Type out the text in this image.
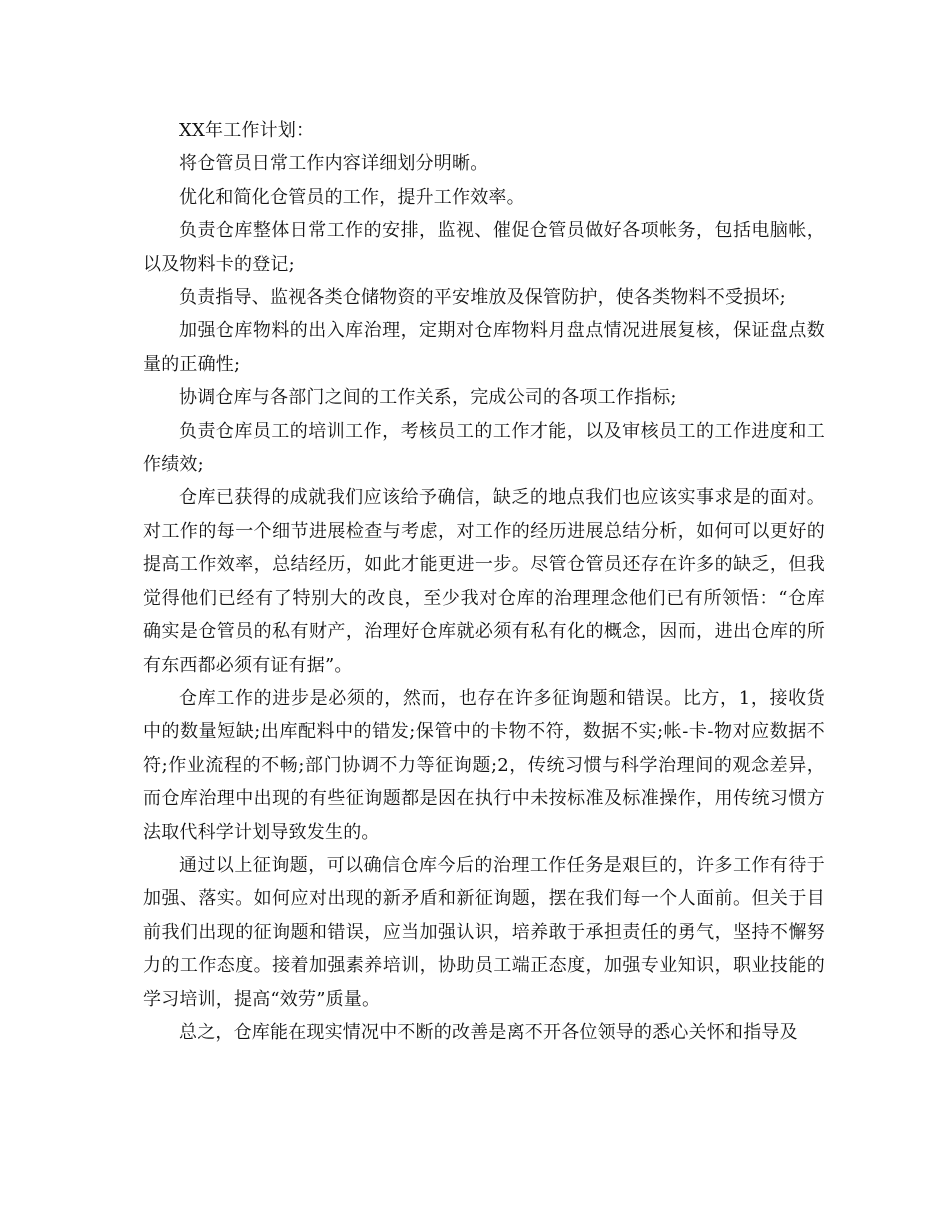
XX年工作计划：

将仓管员日常工作内容详细划分明晰。

优化和简化仓管员的工作，提升工作效率。

负责仓库整体日常工作的安排，监视、催促仓管员做好各项帐务，包括电脑帐，以及物料卡的登记;

负责指导、监视各类仓储物资的平安堆放及保管防护，使各类物料不受损坏;

加强仓库物料的出入库治理，定期对仓库物料月盘点情况进展复核，保证盘点数量的正确性;

协调仓库与各部门之间的工作关系，完成公司的各项工作指标;

负责仓库员工的培训工作，考核员工的工作才能，以及审核员工的工作进度和工作绩效;

仓库已获得的成就我们应该给予确信，缺乏的地点我们也应该实事求是的面对。对工作的每一个细节进展检查与考虑，对工作的经历进展总结分析，如何可以更好的提高工作效率，总结经历，如此才能更进一步。尽管仓管员还存在许多的缺乏，但我觉得他们已经有了特别大的改良，至少我对仓库的治理理念他们已有所领悟：“仓库确实是仓管员的私有财产，治理好仓库就必须有私有化的概念，因而，进出仓库的所有东西都必须有证有据”。

仓库工作的进步是必须的，然而，也存在许多征询题和错误。比方，1，接收货中的数量短缺;出库配料中的错发;保管中的卡物不符，数据不实;帐-卡-物对应数据不符;作业流程的不畅;部门协调不力等征询题;2，传统习惯与科学治理间的观念差异，而仓库治理中出现的有些征询题都是因在执行中未按标准及标准操作，用传统习惯方法取代科学计划导致发生的。

通过以上征询题，可以确信仓库今后的治理工作任务是艰巨的，许多工作有待于加强、落实。如何应对出现的新矛盾和新征询题，摆在我们每一个人面前。但关于目前我们出现的征询题和错误，应当加强认识，培养敢于承担责任的勇气，坚持不懈努力的工作态度。接着加强素养培训，协助员工端正态度，加强专业知识，职业技能的学习培训，提高“效劳”质量。

总之，仓库能在现实情况中不断的改善是离不开各位领导的悉心关怀和指导及
